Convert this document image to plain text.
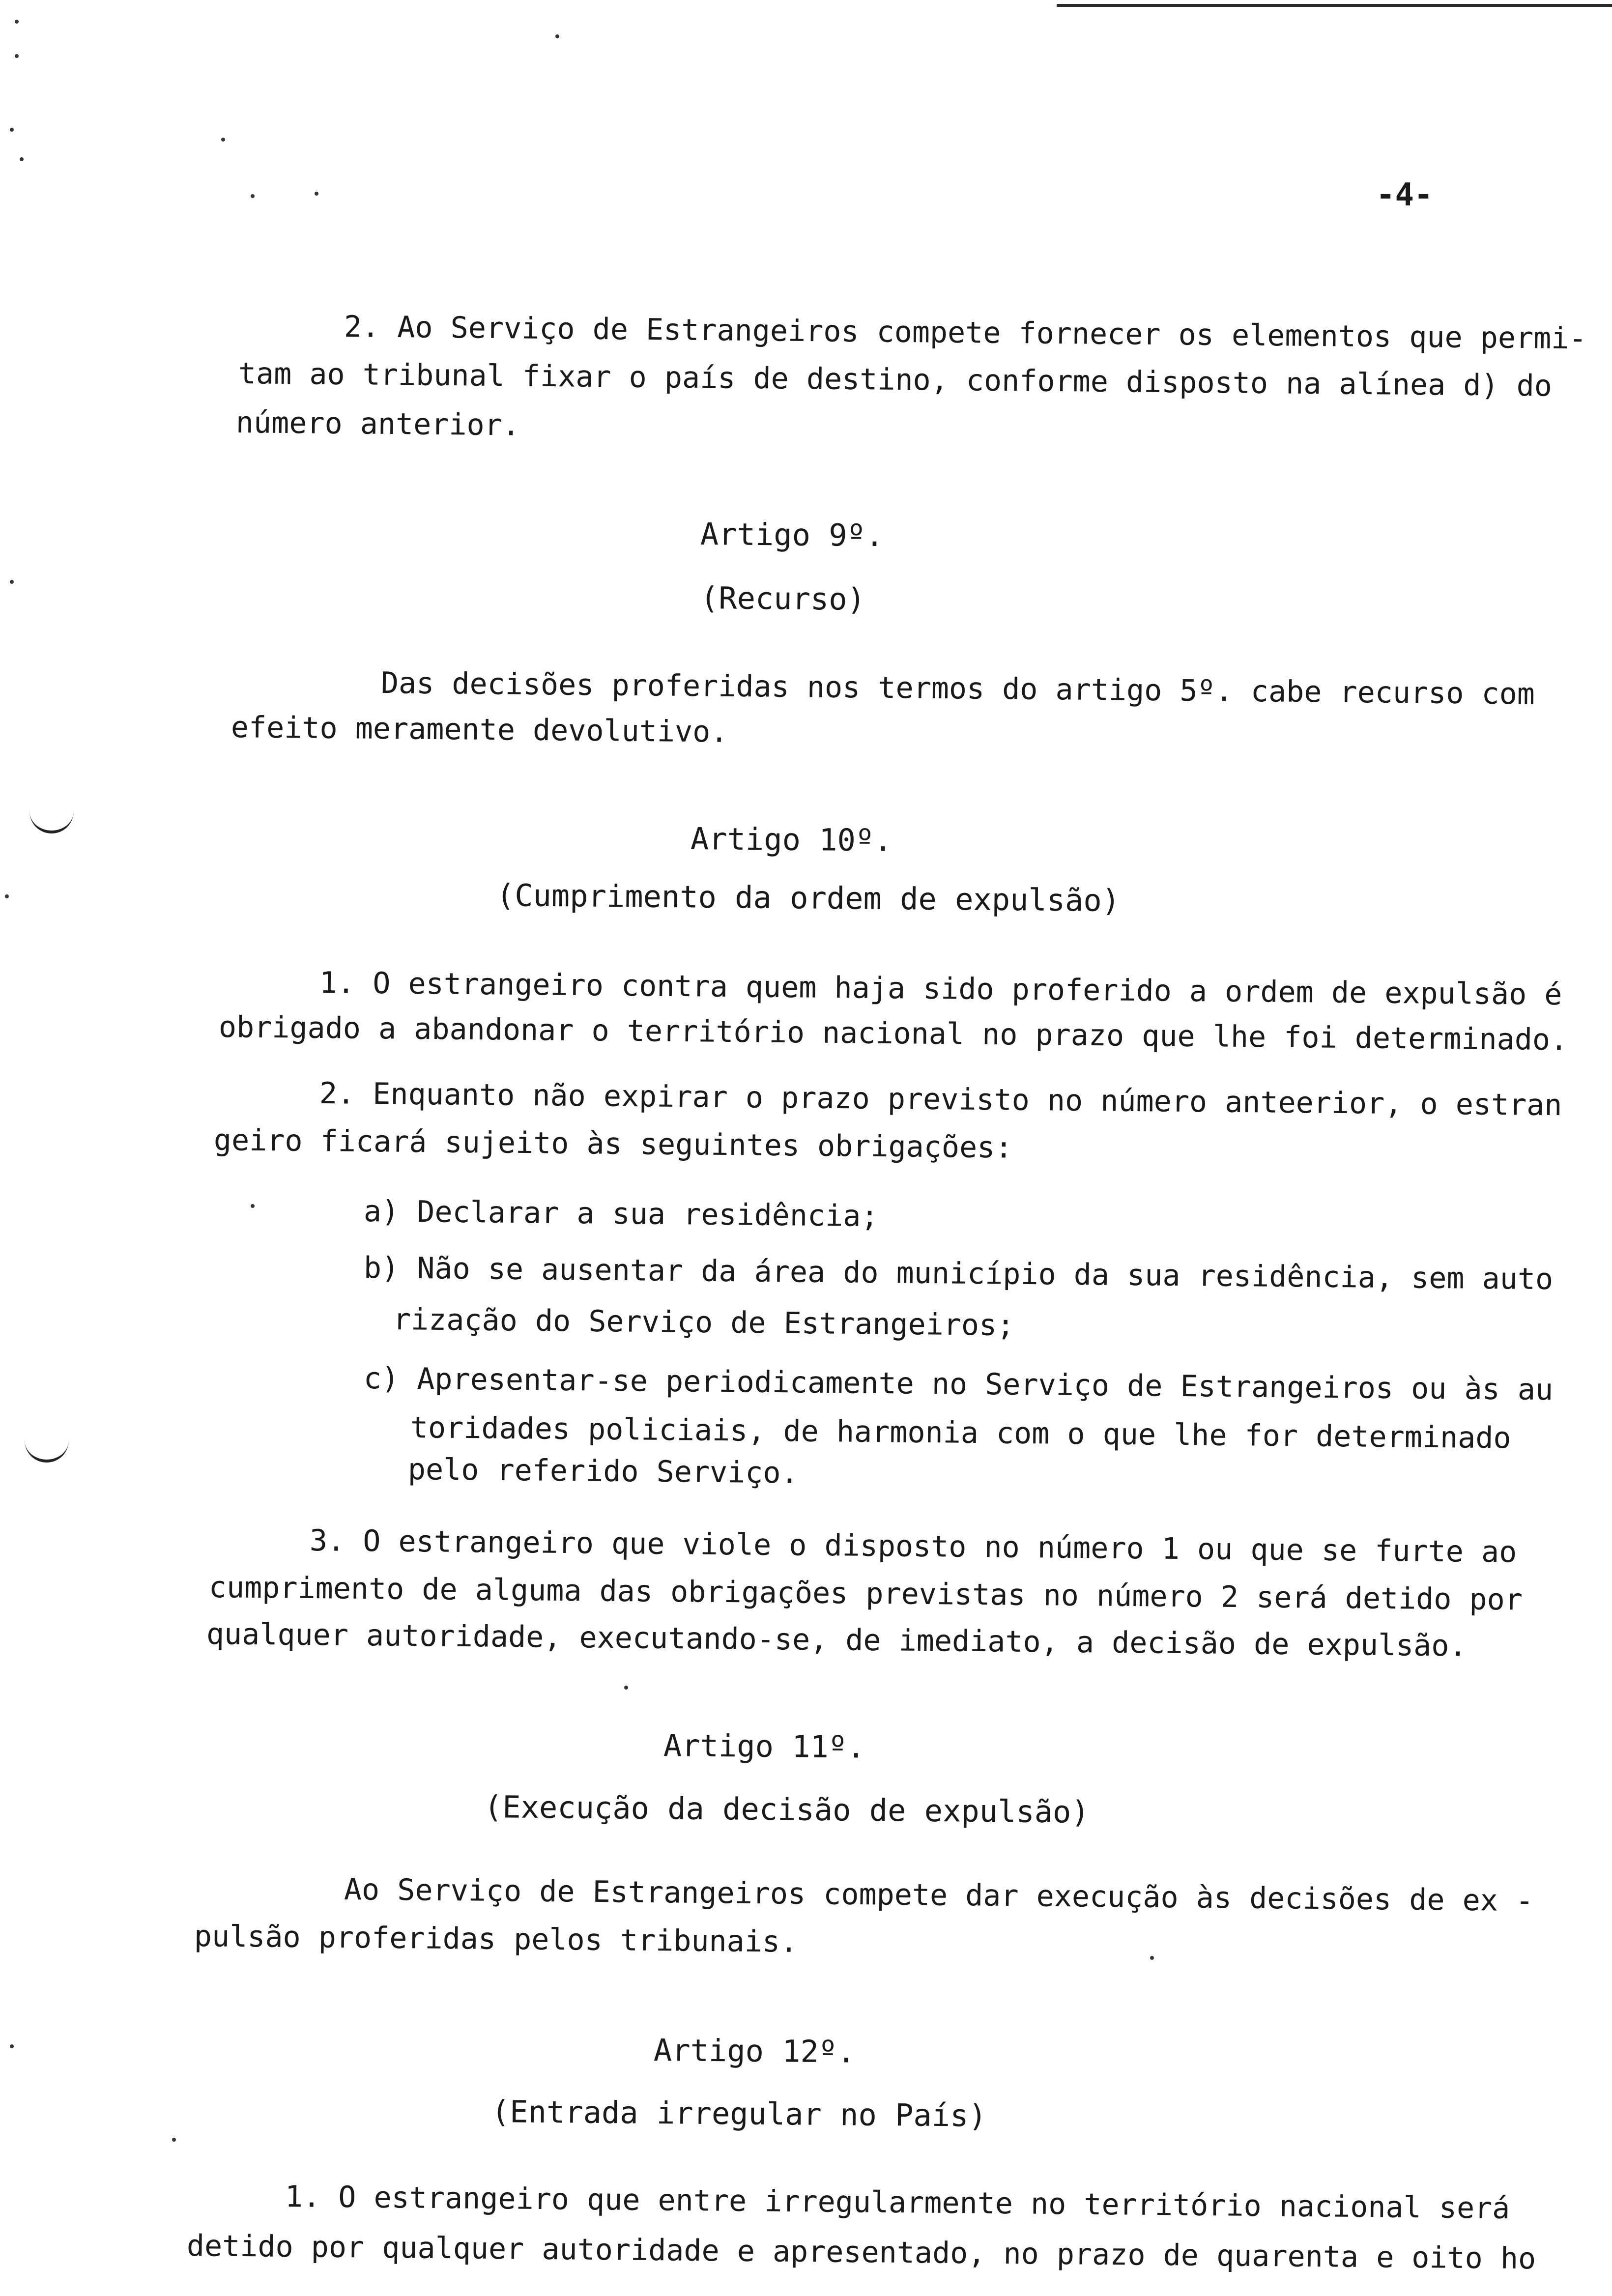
-4-
2. Ao Serviço de Estrangeiros compete fornecer os elementos que permi-
tam ao tribunal fixar o país de destino, conforme disposto na alínea d) do
número anterior.
Artigo 9º.
(Recurso)
Das decisões proferidas nos termos do artigo 5º. cabe recurso com
efeito meramente devolutivo.
Artigo 10º.
(Cumprimento da ordem de expulsão)
1. O estrangeiro contra quem haja sido proferido a ordem de expulsão é
obrigado a abandonar o território nacional no prazo que lhe foi determinado.
2. Enquanto não expirar o prazo previsto no número anteerior, o estran
geiro ficará sujeito às seguintes obrigações:
a) Declarar a sua residência;
b) Não se ausentar da área do município da sua residência, sem auto
rização do Serviço de Estrangeiros;
c) Apresentar-se periodicamente no Serviço de Estrangeiros ou às au
toridades policiais, de harmonia com o que lhe for determinado
pelo referido Serviço.
3. O estrangeiro que viole o disposto no número 1 ou que se furte ao
cumprimento de alguma das obrigações previstas no número 2 será detido por
qualquer autoridade, executando-se, de imediato, a decisão de expulsão.
Artigo 11º.
(Execução da decisão de expulsão)
Ao Serviço de Estrangeiros compete dar execução às decisões de ex -
pulsão proferidas pelos tribunais.
Artigo 12º.
(Entrada irregular no País)
1. O estrangeiro que entre irregularmente no território nacional será
detido por qualquer autoridade e apresentado, no prazo de quarenta e oito ho
